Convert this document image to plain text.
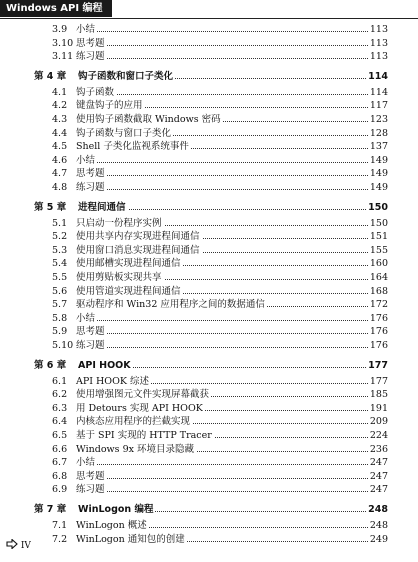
Windows API 编程
3.9 小结	113
3.10 思考题	113
3.11 练习题	113
第 4 章 钩子函数和窗口子类化	114
4.1 钩子函数	114
4.2 键盘钩子的应用	117
4.3 使用钩子函数截取 Windows 密码	123
4.4 钩子函数与窗口子类化	128
4.5 Shell 子类化监视系统事件	137
4.6 小结	149
4.7 思考题	149
4.8 练习题	149
第 5 章 进程间通信	150
5.1 只启动一份程序实例	150
5.2 使用共享内存实现进程间通信	151
5.3 使用窗口消息实现进程间通信	155
5.4 使用邮槽实现进程间通信	160
5.5 使用剪贴板实现共享	164
5.6 使用管道实现进程间通信	168
5.7 驱动程序和 Win32 应用程序之间的数据通信	172
5.8 小结	176
5.9 思考题	176
5.10 练习题	176
第 6 章 API HOOK	177
6.1 API HOOK 综述	177
6.2 使用增强图元文件实现屏幕截获	185
6.3 用 Detours 实现 API HOOK	191
6.4 内核态应用程序的拦截实现	209
6.5 基于 SPI 实现的 HTTP Tracer	224
6.6 Windows 9x 环境目录隐藏	236
6.7 小结	247
6.8 思考题	247
6.9 练习题	247
第 7 章 WinLogon 编程	248
7.1 WinLogon 概述	248
7.2 WinLogon 通知包的创建	249
IV
